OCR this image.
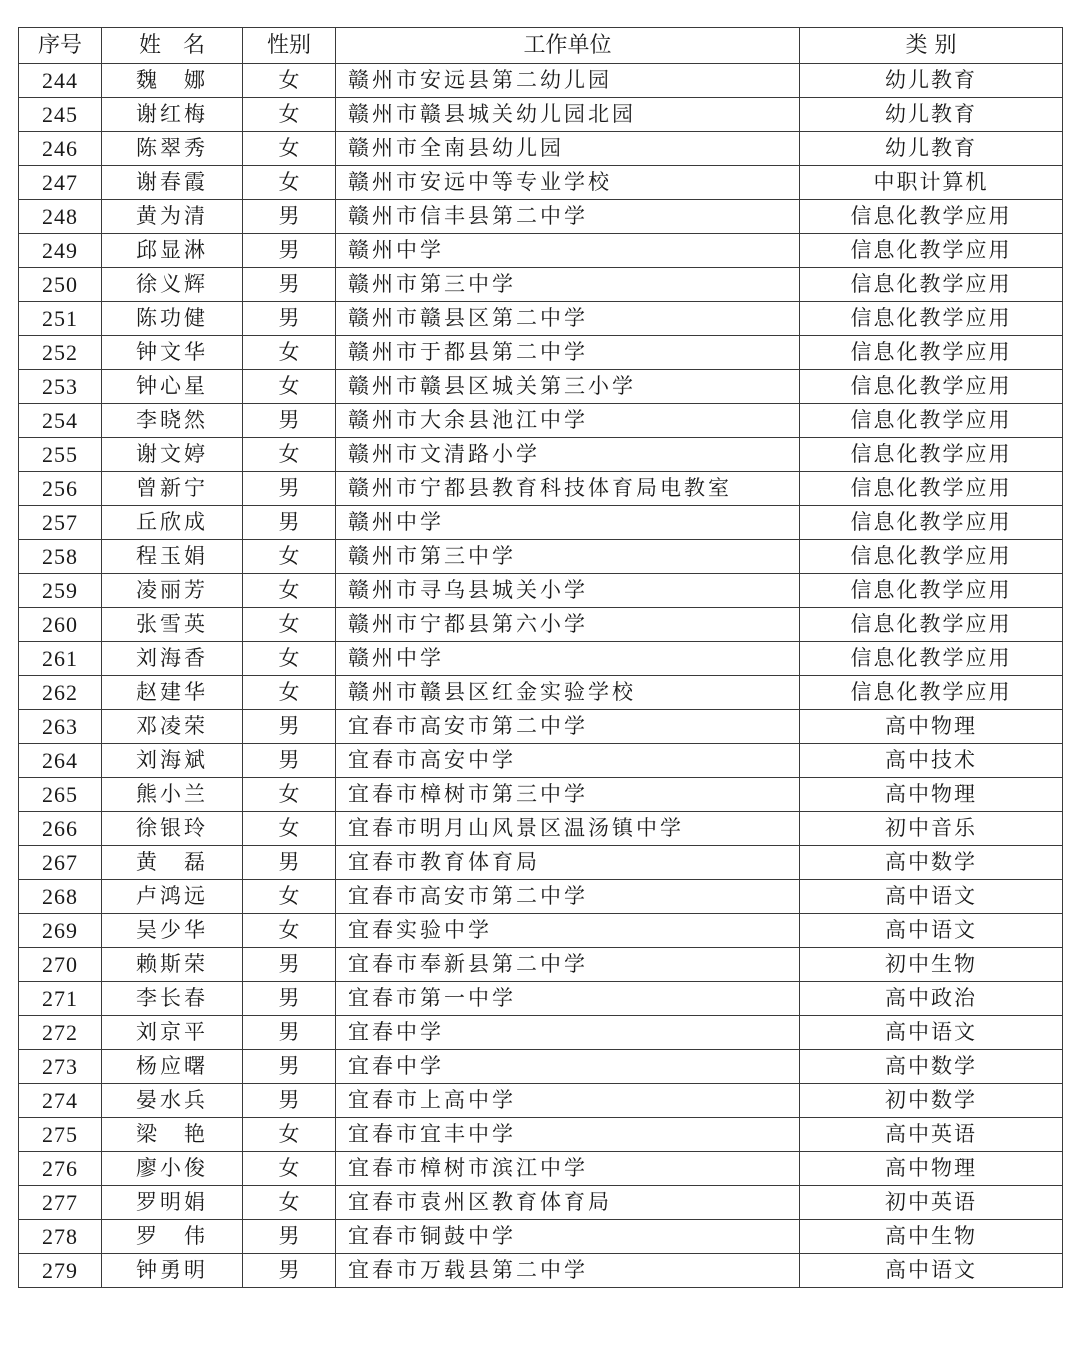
序号	姓　名	性别	工作单位	类 别
244	魏　娜	女	赣州市安远县第二幼儿园	幼儿教育
245	谢红梅	女	赣州市赣县城关幼儿园北园	幼儿教育
246	陈翠秀	女	赣州市全南县幼儿园	幼儿教育
247	谢春霞	女	赣州市安远中等专业学校	中职计算机
248	黄为清	男	赣州市信丰县第二中学	信息化教学应用
249	邱显淋	男	赣州中学	信息化教学应用
250	徐义辉	男	赣州市第三中学	信息化教学应用
251	陈功健	男	赣州市赣县区第二中学	信息化教学应用
252	钟文华	女	赣州市于都县第二中学	信息化教学应用
253	钟心星	女	赣州市赣县区城关第三小学	信息化教学应用
254	李晓然	男	赣州市大余县池江中学	信息化教学应用
255	谢文婷	女	赣州市文清路小学	信息化教学应用
256	曾新宁	男	赣州市宁都县教育科技体育局电教室	信息化教学应用
257	丘欣成	男	赣州中学	信息化教学应用
258	程玉娟	女	赣州市第三中学	信息化教学应用
259	凌丽芳	女	赣州市寻乌县城关小学	信息化教学应用
260	张雪英	女	赣州市宁都县第六小学	信息化教学应用
261	刘海香	女	赣州中学	信息化教学应用
262	赵建华	女	赣州市赣县区红金实验学校	信息化教学应用
263	邓凌荣	男	宜春市高安市第二中学	高中物理
264	刘海斌	男	宜春市高安中学	高中技术
265	熊小兰	女	宜春市樟树市第三中学	高中物理
266	徐银玲	女	宜春市明月山风景区温汤镇中学	初中音乐
267	黄　磊	男	宜春市教育体育局	高中数学
268	卢鸿远	女	宜春市高安市第二中学	高中语文
269	吴少华	女	宜春实验中学	高中语文
270	赖斯荣	男	宜春市奉新县第二中学	初中生物
271	李长春	男	宜春市第一中学	高中政治
272	刘京平	男	宜春中学	高中语文
273	杨应曙	男	宜春中学	高中数学
274	晏水兵	男	宜春市上高中学	初中数学
275	梁　艳	女	宜春市宜丰中学	高中英语
276	廖小俊	女	宜春市樟树市滨江中学	高中物理
277	罗明娟	女	宜春市袁州区教育体育局	初中英语
278	罗　伟	男	宜春市铜鼓中学	高中生物
279	钟勇明	男	宜春市万载县第二中学	高中语文
